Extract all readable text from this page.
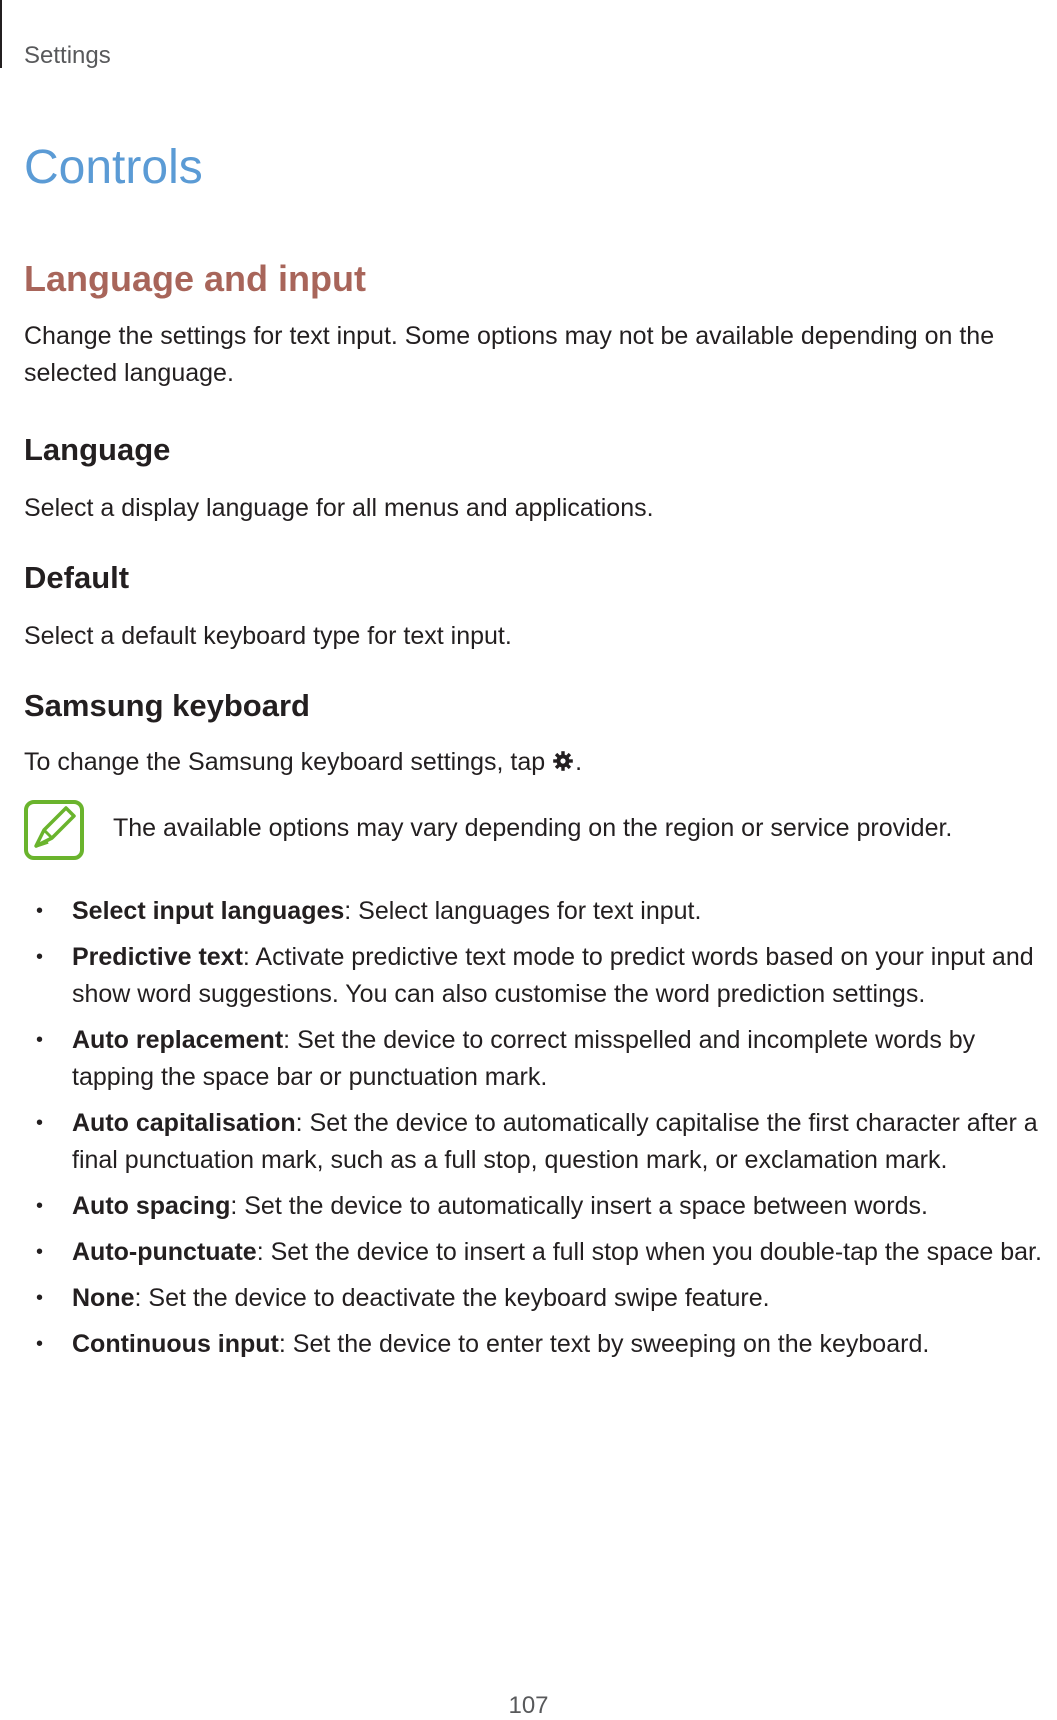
Settings
Controls
Language and input

Change the settings for text input. Some options may not be available depending on the selected language.

Language

Select a display language for all menus and applications.

Default

Select a default keyboard type for text input.

Samsung keyboard

To change the Samsung keyboard settings, tap .

The available options may vary depending on the region or service provider.
• Select input languages: Select languages for text input.
• Predictive text: Activate predictive text mode to predict words based on your input and show word suggestions. You can also customise the word prediction settings.
• Auto replacement: Set the device to correct misspelled and incomplete words by tapping the space bar or punctuation mark.
• Auto capitalisation: Set the device to automatically capitalise the first character after a final punctuation mark, such as a full stop, question mark, or exclamation mark.
• Auto spacing: Set the device to automatically insert a space between words.
• Auto-punctuate: Set the device to insert a full stop when you double-tap the space bar.
• None: Set the device to deactivate the keyboard swipe feature.
• Continuous input: Set the device to enter text by sweeping on the keyboard.
107
